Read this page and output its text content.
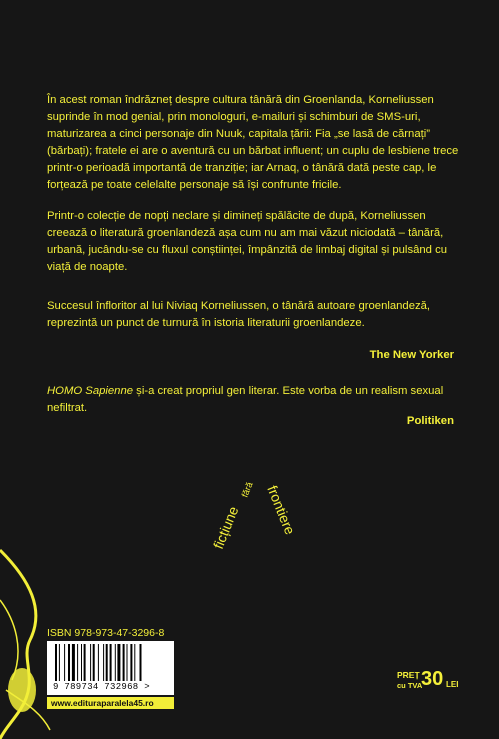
În acest roman îndrăzneț despre cultura tânără din Groenlanda, Korneliussen suprinde în mod genial, prin monologuri, e-mailuri și schimburi de SMS-uri, maturizarea a cinci personaje din Nuuk, capitala țării: Fia „se lasă de cărnați” (bărbați); fratele ei are o aventură cu un bărbat influent; un cuplu de lesbiene trece printr-o perioadă importantă de tranziție; iar Arnaq, o tânără dată peste cap, le forțează pe toate celelalte personaje să își confrunte fricile.

Printr-o colecție de nopți neclare și dimineți spălăcite de după, Korneliussen creează o literatură groenlandeză așa cum nu am mai văzut niciodată – tânără, urbană, jucându-se cu fluxul conștiinței, împânzită de limbaj digital și pulsând cu viață de noapte.

Succesul înfloritor al lui Niviaq Korneliussen, o tânără autoare groenlandeză, reprezintă un punct de turnură în istoria literaturii groenlandeze.

The New Yorker

HOMO Sapienne și-a creat propriul gen literar. Este vorba de un realism sexual nefiltrat.

Politiken
ficțiune
fără frontiere
ISBN 978-973-47-3296-8
9 789734 732968 >
www.edituraparalela45.ro
PREȚ
cu TVA
30 LEI
